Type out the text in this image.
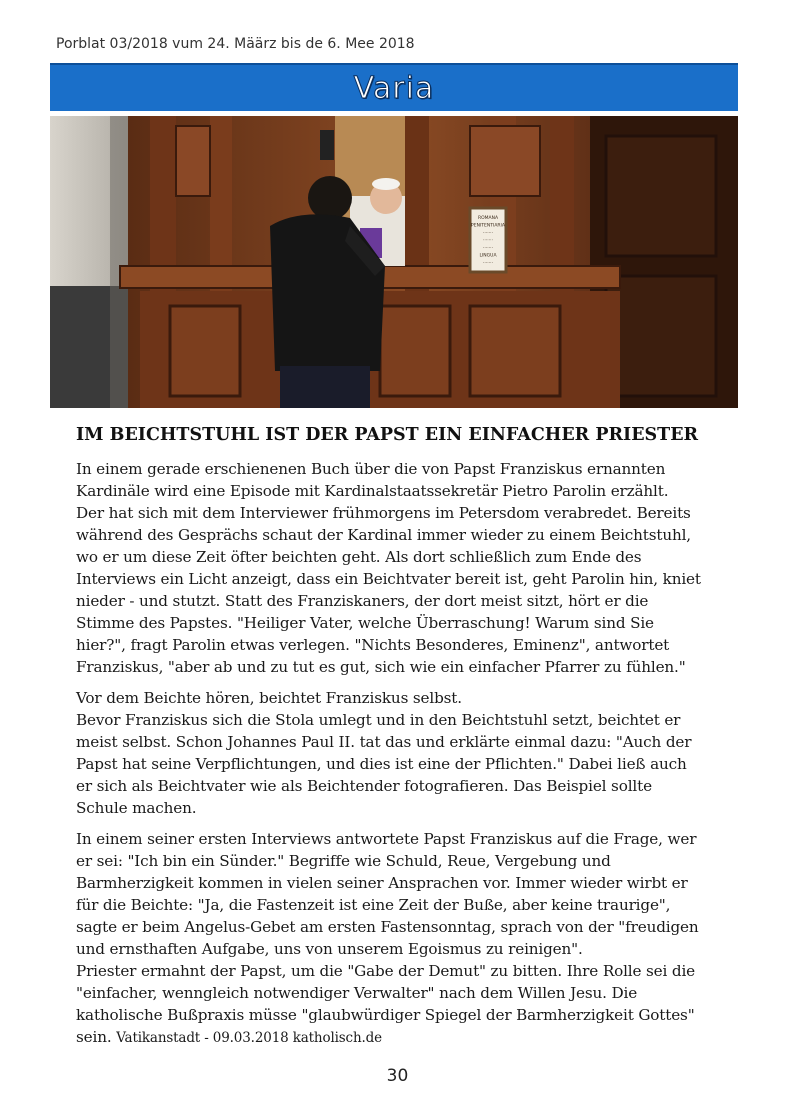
Porblat 03/2018 vum 24. Määrz bis de 6. Mee 2018
Varia
ROMANA
PENITENTIARIA
·······
·······
·······
LINGUA
·······
IM BEICHTSTUHL IST DER PAPST EIN EINFACHER PRIESTER

In einem gerade erschienenen Buch über die von Papst Franziskus ernannten
Kardinäle wird eine Episode mit Kardinalstaatssekretär Pietro Parolin erzählt.
Der hat sich mit dem Interviewer frühmorgens im Petersdom verabredet. Bereits
während des Gesprächs schaut der Kardinal immer wieder zu einem Beichtstuhl,
wo er um diese Zeit öfter beichten geht. Als dort schließlich zum Ende des
Interviews ein Licht anzeigt, dass ein Beichtvater bereit ist, geht Parolin hin, kniet
nieder - und stutzt. Statt des Franziskaners, der dort meist sitzt, hört er die
Stimme des Papstes. "Heiliger Vater, welche Überraschung! Warum sind Sie
hier?", fragt Parolin etwas verlegen. "Nichts Besonderes, Eminenz", antwortet
Franziskus, "aber ab und zu tut es gut, sich wie ein einfacher Pfarrer zu fühlen."

Vor dem Beichte hören, beichtet Franziskus selbst.
Bevor Franziskus sich die Stola umlegt und in den Beichtstuhl setzt, beichtet er
meist selbst. Schon Johannes Paul II. tat das und erklärte einmal dazu: "Auch der
Papst hat seine Verpflichtungen, und dies ist eine der Pflichten." Dabei ließ auch
er sich als Beichtvater wie als Beichtender fotografieren. Das Beispiel sollte
Schule machen.

In einem seiner ersten Interviews antwortete Papst Franziskus auf die Frage, wer
er sei: "Ich bin ein Sünder." Begriffe wie Schuld, Reue, Vergebung und
Barmherzigkeit kommen in vielen seiner Ansprachen vor. Immer wieder wirbt er
für die Beichte: "Ja, die Fastenzeit ist eine Zeit der Buße, aber keine traurige",
sagte er beim Angelus-Gebet am ersten Fastensonntag, sprach von der "freudigen
und ernsthaften Aufgabe, uns von unserem Egoismus zu reinigen".
Priester ermahnt der Papst, um die "Gabe der Demut" zu bitten. Ihre Rolle sei die
"einfacher, wenngleich notwendiger Verwalter" nach dem Willen Jesu. Die
katholische Bußpraxis müsse "glaubwürdiger Spiegel der Barmherzigkeit Gottes"
sein. Vatikanstadt - 09.03.2018 katholisch.de

30
